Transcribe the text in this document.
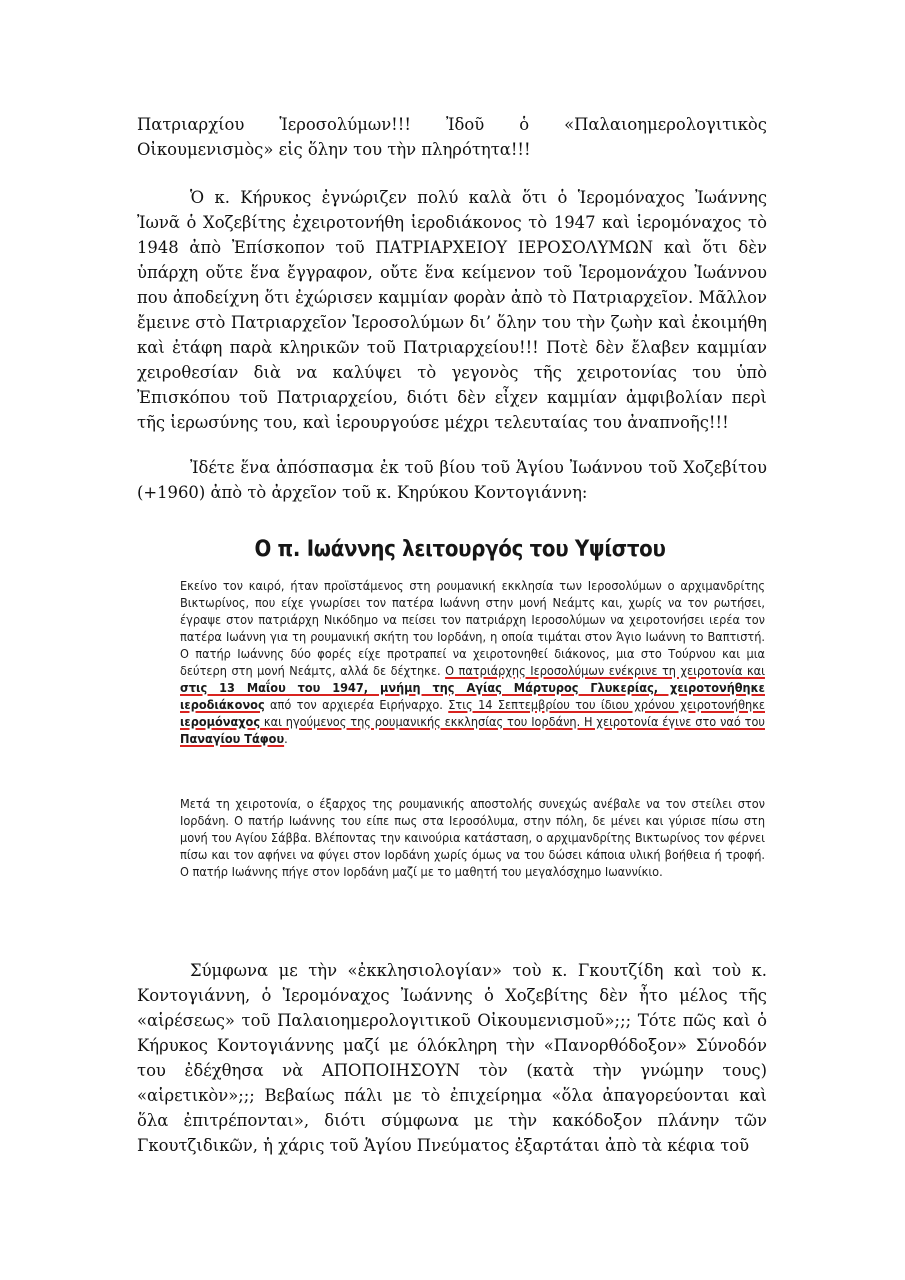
Πατριαρχίου Ἱεροσολύμων!!! Ἰδοῦ ὁ «Παλαιοημερολογιτικὸς Οἰκουμενισμὸς» εἰς ὅλην του τὴν πληρότητα!!!

Ὁ κ. Κήρυκος ἐγνώριζεν πολύ καλὰ ὅτι ὁ Ἱερομόναχος Ἰωάννης Ἰωνᾶ ὁ Χοζεβίτης ἐχειροτονήθη ἱεροδιάκονος τὸ 1947 καὶ ἱερομόναχος τὸ 1948 ἀπὸ Ἐπίσκοπον τοῦ ΠΑΤΡΙΑΡΧΕΙΟΥ ΙΕΡΟΣΟΛΥΜΩΝ καὶ ὅτι δὲν ὑπάρχη οὔτε ἕνα ἔγγραφον, οὔτε ἕνα κείμενον τοῦ Ἱερομονάχου Ἰωάννου που ἀποδείχνη ὅτι ἐχώρισεν καμμίαν φορὰν ἀπὸ τὸ Πατριαρχεῖον. Μᾶλλον ἔμεινε στὸ Πατριαρχεῖον Ἱεροσολύμων δι’ ὅλην του τὴν ζωὴν καὶ ἐκοιμήθη καὶ ἐτάφη παρὰ κληρικῶν τοῦ Πατριαρχείου!!! Ποτὲ δὲν ἔλαβεν καμμίαν χειροθεσίαν διὰ να καλύψει τὸ γεγονὸς τῆς χειροτονίας του ὑπὸ Ἐπισκόπου τοῦ Πατριαρχείου, διότι δὲν εἶχεν καμμίαν ἀμφιβολίαν περὶ τῆς ἱερωσύνης του, καὶ ἱερουργούσε μέχρι τελευταίας του ἀναπνοῆς!!!

Ἰδέτε ἕνα ἀπόσπασμα ἐκ τοῦ βίου τοῦ Ἁγίου Ἰωάννου τοῦ Χοζεβίτου (+1960) ἀπὸ τὸ ἀρχεῖον τοῦ κ. Κηρύκου Κοντογιάννη:

Ο π. Ιωάννης λειτουργός του Υψίστου

Εκείνο τον καιρό, ήταν προϊστάμενος στη ρουμανική εκκλησία των Ιεροσολύμων ο αρχιμανδρίτης Βικτωρίνος, που είχε γνωρίσει τον πατέρα Ιωάννη στην μονή Νεάμτς και, χωρίς να τον ρωτήσει, έγραψε στον πατριάρχη Νικόδημο να πείσει τον πατριάρχη Ιεροσολύμων να χειροτονήσει ιερέα τον πατέρα Ιωάννη για τη ρουμανική σκήτη του Ιορδάνη, η οποία τιμάται στον Άγιο Ιωάννη το Βαπτιστή. Ο πατήρ Ιωάννης δύο φορές είχε προτραπεί να χειροτονηθεί διάκονος, μια στο Τούρνου και μια δεύτερη στη μονή Νεάμτς, αλλά δε δέχτηκε. Ο πατριάρχης Ιεροσολύμων ενέκρινε τη χειροτονία και στις 13 Μαΐου του 1947, μνήμη της Αγίας Μάρτυρος Γλυκερίας, χειροτονήθηκε ιεροδιάκονος από τον αρχιερέα Ειρήναρχο. Στις 14 Σεπτεμβρίου του ίδιου χρόνου χειροτονήθηκε ιερομόναχος και ηγούμενος της ρουμανικής εκκλησίας του Ιορδάνη. Η χειροτονία έγινε στο ναό του Παναγίου Τάφου.

Μετά τη χειροτονία, ο έξαρχος της ρουμανικής αποστολής συνεχώς ανέβαλε να τον στείλει στον Ιορδάνη. Ο πατήρ Ιωάννης του είπε πως στα Ιεροσόλυμα, στην πόλη, δε μένει και γύρισε πίσω στη μονή του Αγίου Σάββα. Βλέποντας την καινούρια κατάσταση, ο αρχιμανδρίτης Βικτωρίνος τον φέρνει πίσω και τον αφήνει να φύγει στον Ιορδάνη χωρίς όμως να του δώσει κάποια υλική βοήθεια ή τροφή. Ο πατήρ Ιωάννης πήγε στον Ιορδάνη μαζί με το μαθητή του μεγαλόσχημο Ιωαννίκιο.

Σύμφωνα με τὴν «ἐκκλησιολογίαν» τοὺ κ. Γκουτζίδη καὶ τοὺ κ. Κοντογιάννη, ὁ Ἱερομόναχος Ἰωάννης ὁ Χοζεβίτης δὲν ἦτο μέλος τῆς «αἱρέσεως» τοῦ Παλαιοημερολογιτικοῦ Οἰκουμενισμοῦ»;;; Τότε πῶς καὶ ὁ Κήρυκος Κοντογιάννης μαζί με όλόκληρη τὴν «Πανορθόδοξον» Σύνοδόν του ἐδέχθησα νὰ ΑΠΟΠΟΙΗΣΟΥΝ τὸν (κατὰ τὴν γνώμην τους) «αἱρετικὸν»;;; Βεβαίως πάλι με τὸ ἐπιχείρημα «ὅλα ἀπαγορεύονται καὶ ὅλα ἐπιτρέπονται», διότι σύμφωνα με τὴν κακόδοξον πλάνην τῶν Γκουτζιδικῶν, ἡ χάρις τοῦ Ἁγίου Πνεύματος ἐξαρτάται ἀπὸ τὰ κέφια τοῦ
